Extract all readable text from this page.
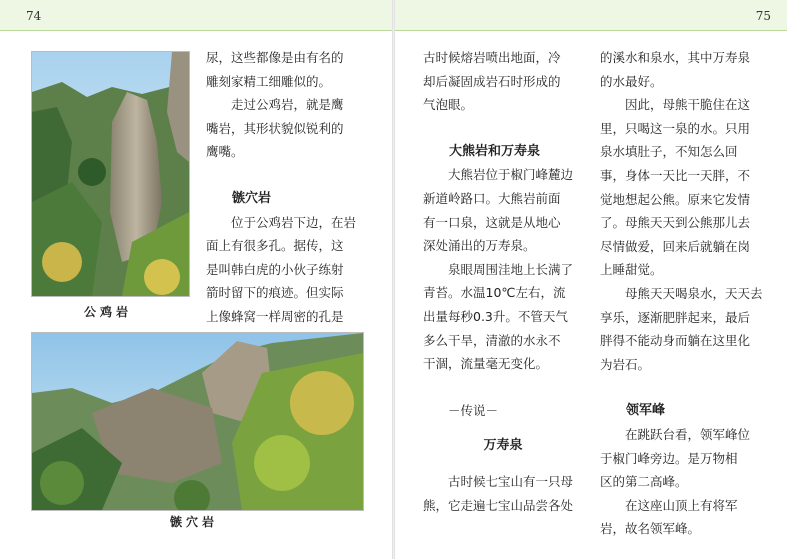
74
公鸡岩

尿，这些都像是由有名的

雕刻家精工细雕似的。

走过公鸡岩，就是鹰

嘴岩，其形状貌似锐利的

鹰嘴。

镞穴岩

位于公鸡岩下边，在岩

面上有很多孔。据传，这

是叫韩白虎的小伙子练射

箭时留下的痕迹。但实际

上像蜂窝一样周密的孔是

镞穴岩
75

古时候熔岩喷出地面，冷

却后凝固成岩石时形成的

气泡眼。

大熊岩和万寿泉

大熊岩位于椒门峰麓边

新道岭路口。大熊岩前面

有一口泉，这就是从地心

深处涌出的万寿泉。

泉眼周围洼地上长满了

青苔。水温10℃左右，流

出量每秒0.3升。不管天气

多么干旱，清澈的水永不

干涸，流量毫无变化。

－传说－

万寿泉

古时候七宝山有一只母

熊，它走遍七宝山品尝各处

的溪水和泉水，其中万寿泉

的水最好。

因此，母熊干脆住在这

里，只喝这一泉的水。只用

泉水填肚子，不知怎么回

事，身体一天比一天胖，不

觉地想起公熊。原来它发情

了。母熊天天到公熊那儿去

尽情做爱，回来后就躺在岗

上睡甜觉。

母熊天天喝泉水，天天去

享乐，逐渐肥胖起来，最后

胖得不能动身而躺在这里化

为岩石。

领军峰

在跳跃台看，领军峰位

于椒门峰旁边。是万物相

区的第二高峰。

在这座山顶上有将军

岩，故名领军峰。
